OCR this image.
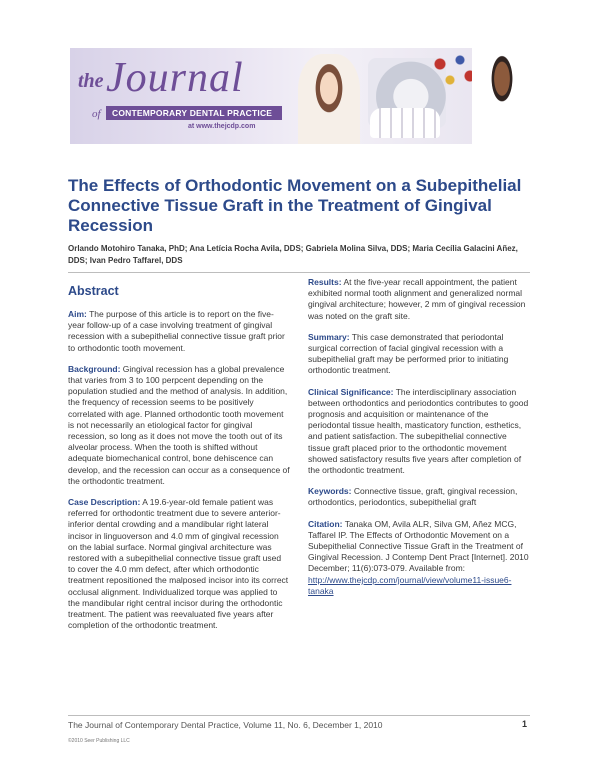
the Journal
of	CONTEMPORARY DENTAL PRACTICE
at www.thejcdp.com
The Effects of Orthodontic Movement on a Subepithelial Connective Tissue Graft in the Treatment of Gingival Recession

Orlando Motohiro Tanaka, PhD; Ana Letícia Rocha Avila, DDS; Gabriela Molina Silva, DDS; Maria Cecília Galacini Añez, DDS; Ivan Pedro Taffarel, DDS

Abstract

Aim: The purpose of this article is to report on the five-year follow-up of a case involving treatment of gingival recession with a subepithelial connective tissue graft prior to orthodontic tooth movement.

Background: Gingival recession has a global prevalence that varies from 3 to 100 perpcent depending on the population studied and the method of analysis. In addition, the frequency of recession seems to be positively correlated with age. Planned orthodontic tooth movement is not necessarily an etiological factor for gingival recession, so long as it does not move the tooth out of its alveolar process. When the tooth is shifted without adequate biomechanical control, bone dehiscence can develop, and the recession can occur as a consequence of the orthodontic treatment.

Case Description: A 19.6-year-old female patient was referred for orthodontic treatment due to severe anterior-inferior dental crowding and a mandibular right lateral incisor in linguoverson and 4.0 mm of gingival recession on the labial surface. Normal gingival architecture was restored with a subepithelial connective tissue graft used to cover the 4.0 mm defect, after which orthodontic treatment repositioned the malposed incisor into its correct occlusal alignment. Individualized torque was applied to the mandibular right central incisor during the orthodontic treatment. The patient was reevaluated five years after completion of the orthodontic treatment.

Results: At the five-year recall appointment, the patient exhibited normal tooth alignment and generalized normal gingival architecture; however, 2 mm of gingival recession was noted on the graft site.

Summary: This case demonstrated that periodontal surgical correction of facial gingival recession with a subepithelial graft may be performed prior to initiating orthodontic treatment.

Clinical Significance: The interdisciplinary association between orthodontics and periodontics contributes to good prognosis and acquisition or maintenance of the periodontal tissue health, masticatory function, esthetics, and patient satisfaction. The subepithelial connective tissue graft placed prior to the orthodontic movement showed satisfactory results five years after completion of the orthodontic treatment.

Keywords: Connective tissue, graft, gingival recession, orthodontics, periodontics, subepithelial graft

Citation: Tanaka OM, Avila ALR, Silva GM, Añez MCG, Taffarel IP. The Effects of Orthodontic Movement on a Subepithelial Connective Tissue Graft in the Treatment of Gingival Recession. J Contemp Dent Pract [Internet]. 2010 December; 11(6):073-079. Available from: http://www.thejcdp.com/journal/view/volume11-issue6-tanaka

The Journal of Contemporary Dental Practice, Volume 11, No. 6, December 1, 2010	1
©2010 Seer Publishing LLC
